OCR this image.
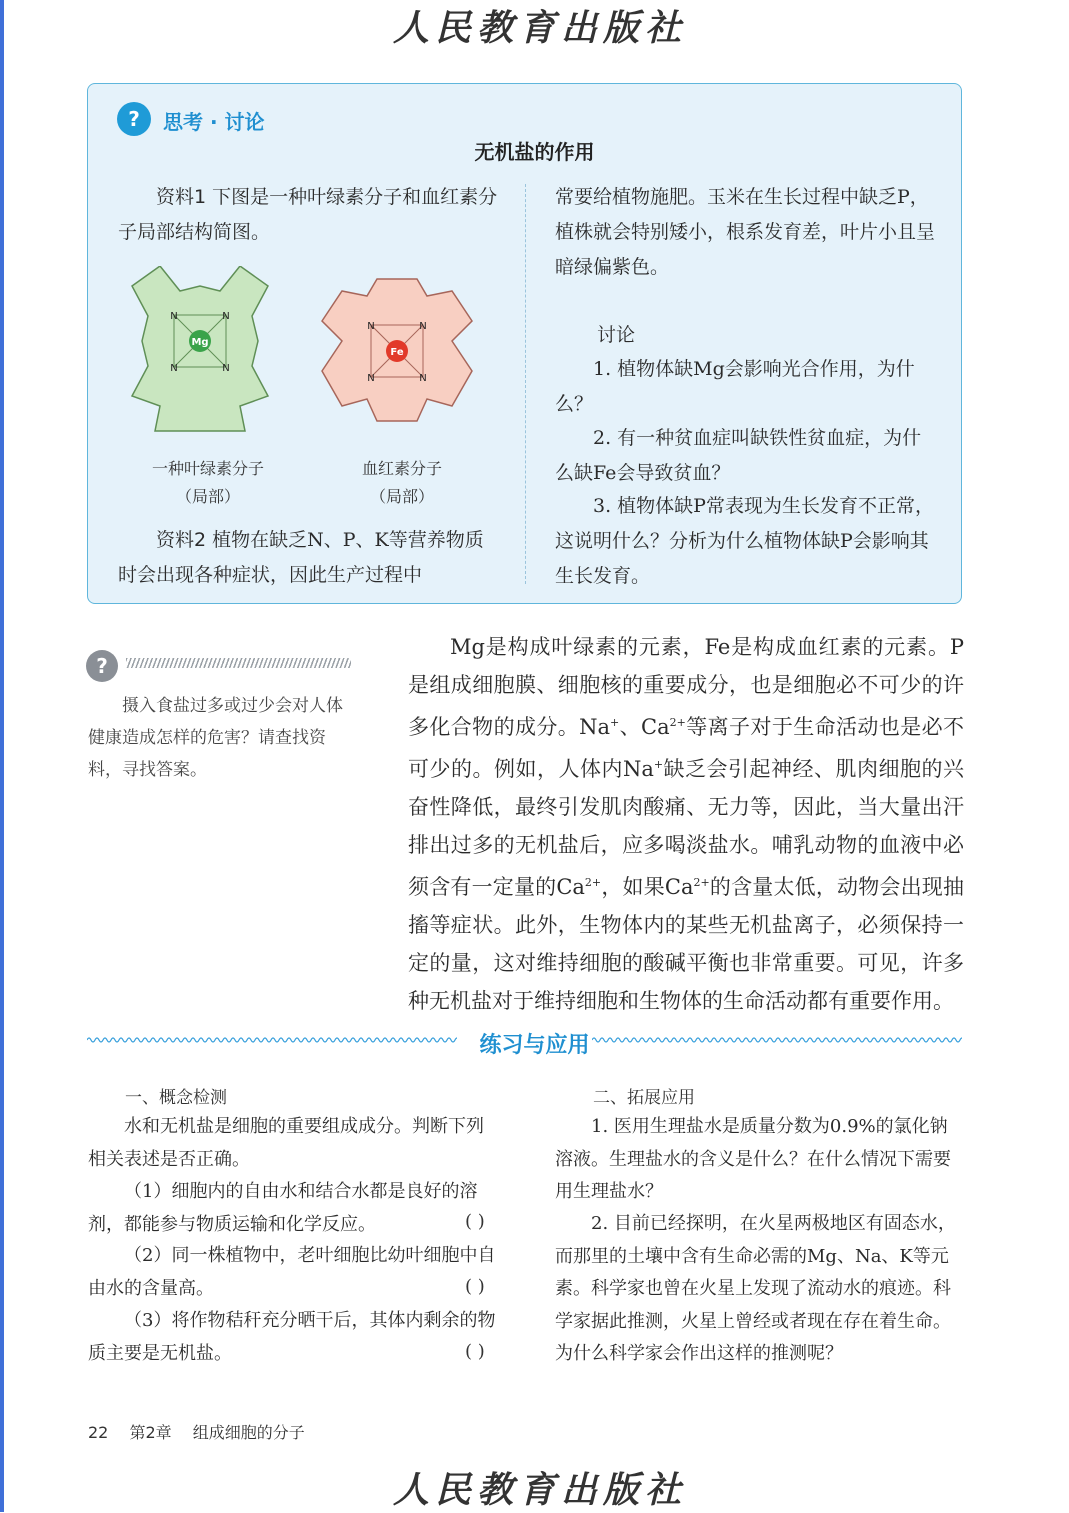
人民教育出版社
?	思考 · 讨论
无机盐的作用

资料1 下图是一种叶绿素分子和血红素分子局部结构简图。

N	N
N
N
Mg
一种叶绿素分子
（局部）
N	N
N
N
Fe
血红素分子
（局部）

资料2 植物在缺乏N、P、K等营养物质时会出现各种症状，因此生产过程中

常要给植物施肥。玉米在生长过程中缺乏P，植株就会特别矮小，根系发育差，叶片小且呈暗绿偏紫色。

讨论

1. 植物体缺Mg会影响光合作用，为什么？

2. 有一种贫血症叫缺铁性贫血症，为什么缺Fe会导致贫血？

3. 植物体缺P常表现为生长发育不正常，这说明什么？分析为什么植物体缺P会影响其生长发育。

?

摄入食盐过多或过少会对人体健康造成怎样的危害？请查找资料，寻找答案。

Mg是构成叶绿素的元素，Fe是构成血红素的元素。P是组成细胞膜、细胞核的重要成分，也是细胞必不可少的许多化合物的成分。Na+、$Ca^{2+}$等离子对于生命活动也是必不可少的。例如，人体内Na+缺乏会引起神经、肌肉细胞的兴奋性降低，最终引发肌肉酸痛、无力等，因此，当大量出汗排出过多的无机盐后，应多喝淡盐水。哺乳动物的血液中必须含有一定量的$Ca^{2+}$，如果$Ca^{2+}$的含量太低，动物会出现抽搐等症状。此外，生物体内的某些无机盐离子，必须保持一定的量，这对维持细胞的酸碱平衡也非常重要。可见，许多种无机盐对于维持细胞和生物体的生命活动都有重要作用。

练习与应用
一、概念检测

水和无机盐是细胞的重要组成成分。判断下列相关表述是否正确。

（1）细胞内的自由水和结合水都是良好的溶剂，都能参与物质运输和化学反应。	( )

（2）同一株植物中，老叶细胞比幼叶细胞中自由水的含量高。	( )

（3）将作物秸秆充分晒干后，其体内剩余的物质主要是无机盐。	( )
二、拓展应用

1. 医用生理盐水是质量分数为0.9%的氯化钠溶液。生理盐水的含义是什么？在什么情况下需要用生理盐水？

2. 目前已经探明，在火星两极地区有固态水，而那里的土壤中含有生命必需的Mg、Na、K等元素。科学家也曾在火星上发现了流动水的痕迹。科学家据此推测，火星上曾经或者现在存在着生命。为什么科学家会作出这样的推测呢？

22 第2章 组成细胞的分子
人民教育出版社
